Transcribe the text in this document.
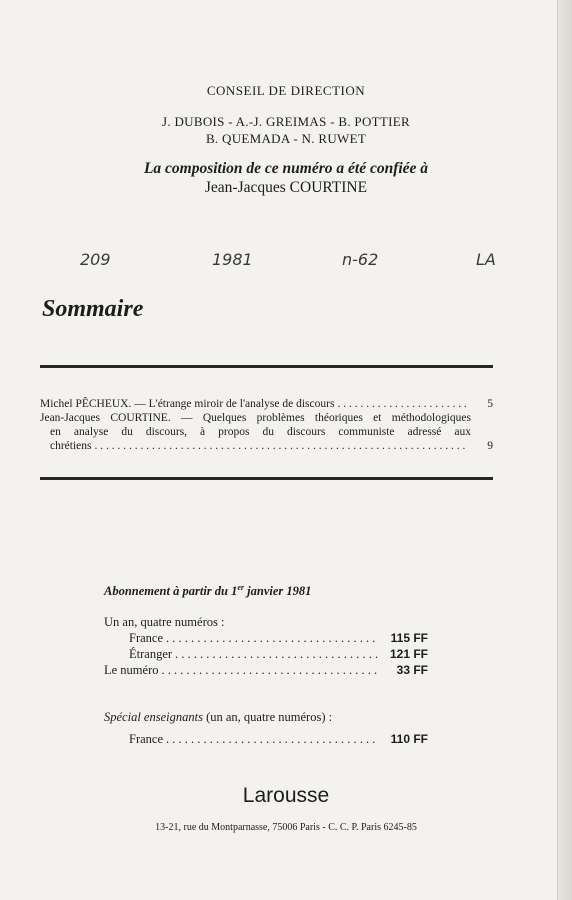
CONSEIL DE DIRECTION
J. DUBOIS - A.-J. GREIMAS - B. POTTIER
B. QUEMADA - N. RUWET
La composition de ce numéro a été confiée à
Jean-Jacques COURTINE
209	1981	n-62	LA
Sommaire
Michel PÊCHEUX. — L'étrange miroir de l'analyse de discours . . .	5
Jean-Jacques COURTINE. — Quelques problèmes théoriques et méthodologiques
en analyse du discours, à propos du discours communiste adressé aux
chrétiens . . .	9
Abonnement à partir du 1er janvier 1981
Un an, quatre numéros :
France . . .	115 FF
Étranger . . .	121 FF
Le numéro . . .	33 FF
Spécial enseignants (un an, quatre numéros) :
France . . .	110 FF
Larousse
13-21, rue du Montparnasse, 75006 Paris - C. C. P. Paris 6245-85
